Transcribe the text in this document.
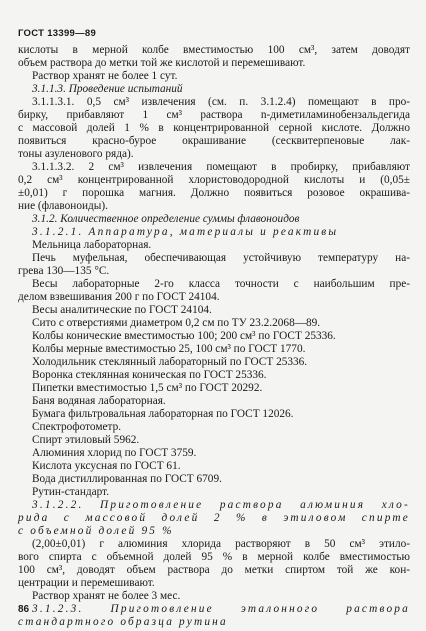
ГОСТ 13399—89
кислоты в мерной колбе вместимостью 100 см³, затем доводят
объем раствора до метки той же кислотой и перемешивают.
Раствор хранят не более 1 сут.
3.1.1.3. Проведение испытаний
3.1.1.3.1. 0,5 см³ извлечения (см. п. 3.1.2.4) помещают в про-
бирку, прибавляют 1 см³ раствора n-диметиламинобензальдегида
с массовой долей 1 % в концентрированной серной кислоте. Должно
появиться красно-бурое окрашивание (сесквитерпеновые лак-
тоны азуленового ряда).
3.1.1.3.2. 2 см³ извлечения помещают в пробирку, прибавляют
0,2 см³ концентрированной хлористоводородной кислоты и (0,05±
±0,01) г порошка магния. Должно появиться розовое окрашива-
ние (флавоноиды).
3.1.2. Количественное определение суммы флавоноидов
3.1.2.1. Аппаратура, материалы и реактивы
Мельница лабораторная.
Печь муфельная, обеспечивающая устойчивую температуру на-
грева 130—135 °С.
Весы лабораторные 2-го класса точности с наибольшим пре-
делом взвешивания 200 г по ГОСТ 24104.
Весы аналитические по ГОСТ 24104.
Сито с отверстиями диаметром 0,2 см по ТУ 23.2.2068—89.
Колбы конические вместимостью 100; 200 см³ по ГОСТ 25336.
Колбы мерные вместимостью 25, 100 см³ по ГОСТ 1770.
Холодильник стеклянный лабораторный по ГОСТ 25336.
Воронка стеклянная коническая по ГОСТ 25336.
Пипетки вместимостью 1,5 см³ по ГОСТ 20292.
Баня водяная лабораторная.
Бумага фильтровальная лабораторная по ГОСТ 12026.
Спектрофотометр.
Спирт этиловый 5962.
Алюминия хлорид по ГОСТ 3759.
Кислота уксусная по ГОСТ 61.
Вода дистиллированная по ГОСТ 6709.
Рутин-стандарт.
3.1.2.2. Приготовление раствора алюминия хло-
рида с массовой долей 2 % в этиловом спирте
с объемной долей 95 %
(2,00±0,01) г алюминия хлорида растворяют в 50 см³ этило-
вого спирта с объемной долей 95 % в мерной колбе вместимостью
100 см³, доводят объем раствора до метки спиртом той же кон-
центрации и перемешивают.
Раствор хранят не более 3 мес.
3.1.2.3. Приготовление эталонного раствора
стандартного образца рутина
86
